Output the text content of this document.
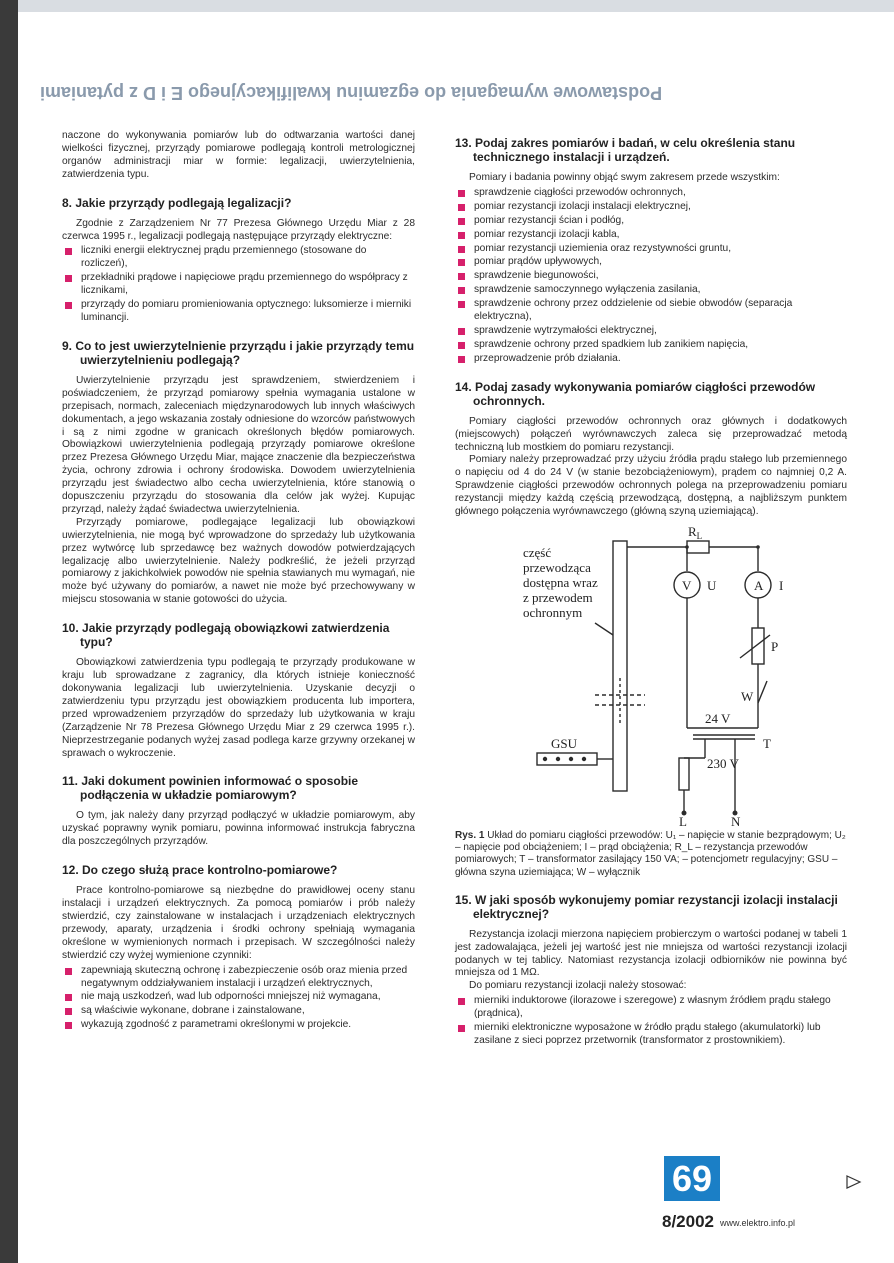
Podstawowe wymagania do egzaminu kwalifikacyjnego E i D z pytaniami

naczone do wykonywania pomiarów lub do odtwarzania wartości danej wielkości fizycznej, przyrządy pomiarowe podlegają kontroli metrologicznej organów administracji miar w formie: legalizacji, uwierzytelnienia, zatwierdzenia typu.

8. Jakie przyrządy podlegają legalizacji?

Zgodnie z Zarządzeniem Nr 77 Prezesa Głównego Urzędu Miar z 28 czerwca 1995 r., legalizacji podlegają następujące przyrządy elektryczne:

liczniki energii elektrycznej prądu przemiennego (stosowane do rozliczeń),
przekładniki prądowe i napięciowe prądu przemiennego do współpracy z licznikami,
przyrządy do pomiaru promieniowania optycznego: luksomierze i mierniki luminancji.
9. Co to jest uwierzytelnienie przyrządu i jakie przyrządy temu uwierzytelnieniu podlegają?

Uwierzytelnienie przyrządu jest sprawdzeniem, stwierdzeniem i poświadczeniem, że przyrząd pomiarowy spełnia wymagania ustalone w przepisach, normach, zaleceniach międzynarodowych lub innych właściwych dokumentach, a jego wskazania zostały odniesione do wzorców państwowych i są z nimi zgodne w granicach określonych błędów pomiarowych. Obowiązkowi uwierzytelnienia podlegają przyrządy pomiarowe określone przez Prezesa Głównego Urzędu Miar, mające znaczenie dla bezpieczeństwa życia, ochrony zdrowia i ochrony środowiska. Dowodem uwierzytelnienia przyrządu jest świadectwo albo cecha uwierzytelnienia, które stanowią o dopuszczeniu przyrządu do stosowania dla celów jak wyżej. Kupując przyrząd, należy żądać świadectwa uwierzytelnienia.

Przyrządy pomiarowe, podlegające legalizacji lub obowiązkowi uwierzytelnienia, nie mogą być wprowadzone do sprzedaży lub użytkowania przez wytwórcę lub sprzedawcę bez ważnych dowodów potwierdzających legalizację albo uwierzytelnienie. Należy podkreślić, że jeżeli przyrząd pomiarowy z jakichkolwiek powodów nie spełnia stawianych mu wymagań, nie może być używany do pomiarów, a nawet nie może być przechowywany w miejscu stosowania w stanie gotowości do użycia.

10. Jakie przyrządy podlegają obowiązkowi zatwierdzenia typu?

Obowiązkowi zatwierdzenia typu podlegają te przyrządy produkowane w kraju lub sprowadzane z zagranicy, dla których istnieje konieczność dokonywania legalizacji lub uwierzytelnienia. Uzyskanie decyzji o zatwierdzeniu typu przyrządu jest obowiązkiem producenta lub importera, przed wprowadzeniem przyrządów do sprzedaży lub użytkowania w kraju (Zarządzenie Nr 78 Prezesa Głównego Urzędu Miar z 29 czerwca 1995 r.). Nieprzestrzeganie podanych wyżej zasad podlega karze grzywny orzekanej w sprawach o wykroczenie.

11. Jaki dokument powinien informować o sposobie podłączenia w układzie pomiarowym?

O tym, jak należy dany przyrząd podłączyć w układzie pomiarowym, aby uzyskać poprawny wynik pomiaru, powinna informować instrukcja fabryczna dla poszczególnych przyrządów.

12. Do czego służą prace kontrolno-pomiarowe?

Prace kontrolno-pomiarowe są niezbędne do prawidłowej oceny stanu instalacji i urządzeń elektrycznych. Za pomocą pomiarów i prób należy stwierdzić, czy zainstalowane w instalacjach i urządzeniach elektrycznych przewody, aparaty, urządzenia i środki ochrony spełniają wymagania określone w wymienionych normach i przepisach. W szczególności należy stwierdzić czy wyżej wymienione czynniki:

zapewniają skuteczną ochronę i zabezpieczenie osób oraz mienia przed negatywnym oddziaływaniem instalacji i urządzeń elektrycznych,
nie mają uszkodzeń, wad lub odporności mniejszej niż wymagana,
są właściwie wykonane, dobrane i zainstalowane,
wykazują zgodność z parametrami określonymi w projekcie.
13. Podaj zakres pomiarów i badań, w celu określenia stanu technicznego instalacji i urządzeń.

Pomiary i badania powinny objąć swym zakresem przede wszystkim:

sprawdzenie ciągłości przewodów ochronnych,
pomiar rezystancji izolacji instalacji elektrycznej,
pomiar rezystancji ścian i podłóg,
pomiar rezystancji izolacji kabla,
pomiar rezystancji uziemienia oraz rezystywności gruntu,
pomiar prądów upływowych,
sprawdzenie biegunowości,
sprawdzenie samoczynnego wyłączenia zasilania,
sprawdzenie ochrony przez oddzielenie od siebie obwodów (separacja elektryczna),
sprawdzenie wytrzymałości elektrycznej,
sprawdzenie ochrony przed spadkiem lub zanikiem napięcia,
przeprowadzenie prób działania.
14. Podaj zasady wykonywania pomiarów ciągłości przewodów ochronnych.

Pomiary ciągłości przewodów ochronnych oraz głównych i dodatkowych (miejscowych) połączeń wyrównawczych zaleca się przeprowadzać metodą techniczną lub mostkiem do pomiaru rezystancji.

Pomiary należy przeprowadzać przy użyciu źródła prądu stałego lub przemiennego o napięciu od 4 do 24 V (w stanie bezobciążeniowym), prądem co najmniej 0,2 A. Sprawdzenie ciągłości przewodów ochronnych polega na przeprowadzeniu pomiaru rezystancji między każdą częścią przewodzącą, dostępną, a najbliższym punktem głównego połączenia wyrównawczego (główną szyną uziemiającą).

część
przewodząca
dostępna wraz
z przewodem
ochronnym
$R_L$
V U	A I
P
W
24 V
T
230 V
GSU
L	N
Rys. 1 Układ do pomiaru ciągłości przewodów: U₁ – napięcie w stanie bezprądowym; U₂ – napięcie pod obciążeniem; I – prąd obciążenia; R_L – rezystancja przewodów pomiarowych; T – transformator zasilający 150 VA; – potencjometr regulacyjny; GSU – główna szyna uziemiająca; W – wyłącznik
15. W jaki sposób wykonujemy pomiar rezystancji izolacji instalacji elektrycznej?

Rezystancja izolacji mierzona napięciem probierczym o wartości podanej w tabeli 1 jest zadowalająca, jeżeli jej wartość jest nie mniejsza od wartości rezystancji izolacji podanych w tej tablicy. Natomiast rezystancja izolacji odbiorników nie powinna być mniejsza od 1 MΩ.

Do pomiaru rezystancji izolacji należy stosować:

mierniki induktorowe (iloraz​owe i szeregowe) z własnym źródłem prądu stałego (prądnica),
mierniki elektroniczne wyposażone w źródło prądu stałego (akumulatorki) lub zasilane z sieci poprzez przetwornik (transformator z prostownikiem).
69
8/2002 www.elektro.info.pl
